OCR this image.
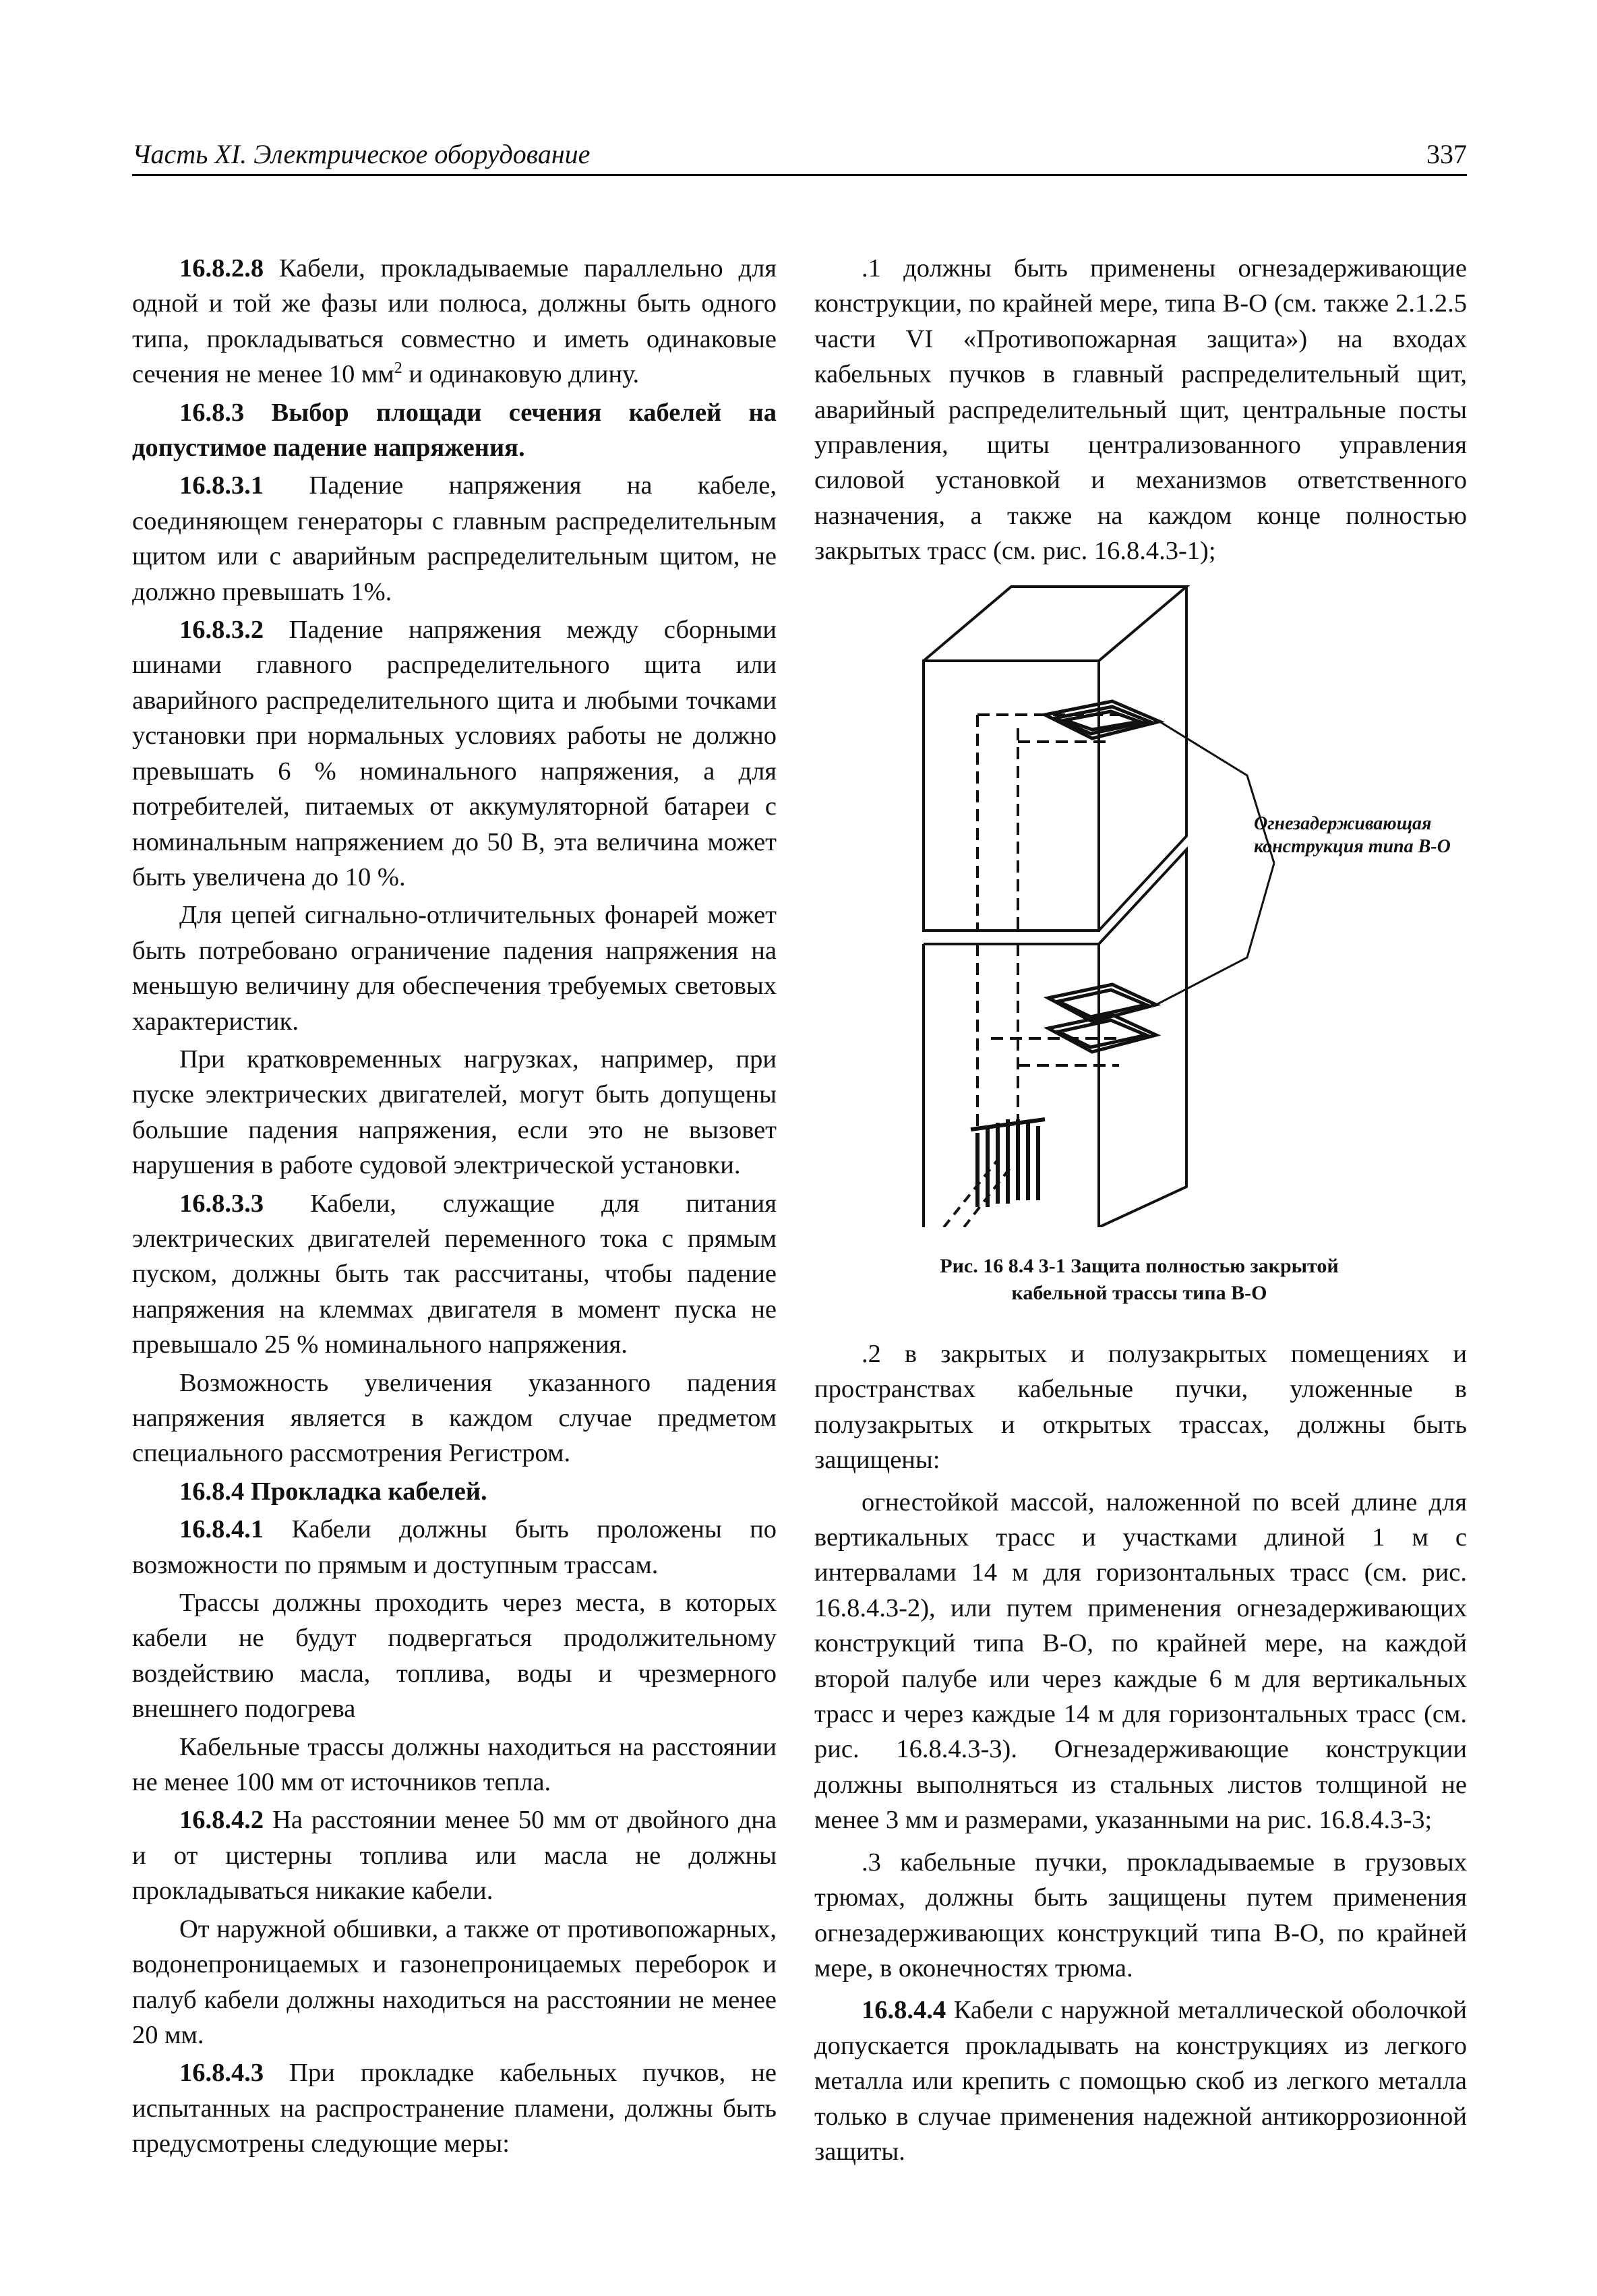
Часть XI. Электрическое оборудование	337

16.8.2.8 Кабели, прокладываемые параллельно для одной и той же фазы или полюса, должны быть одного типа, прокладываться совместно и иметь одинаковые сечения не менее 10 $мм^2$ и одинаковую длину.

16.8.3 Выбор площади сечения кабелей на допустимое падение напряжения.

16.8.3.1 Падение напряжения на кабеле, соединяющем генераторы с главным распределительным щитом или с аварийным распределительным щитом, не должно превышать 1%.

16.8.3.2 Падение напряжения между сборными шинами главного распределительного щита или аварийного распределительного щита и любыми точками установки при нормальных условиях работы не должно превышать 6 % номинального напряжения, а для потребителей, питаемых от аккумуляторной батареи с номинальным напряжением до 50 В, эта величина может быть увеличена до 10 %.

Для цепей сигнально-отличительных фонарей может быть потребовано ограничение падения напряжения на меньшую величину для обеспечения требуемых световых характеристик.

При кратковременных нагрузках, например, при пуске электрических двигателей, могут быть допущены большие падения напряжения, если это не вызовет нарушения в работе судовой электрической установки.

16.8.3.3 Кабели, служащие для питания электрических двигателей переменного тока с прямым пуском, должны быть так рассчитаны, чтобы падение напряжения на клеммах двигателя в момент пуска не превышало 25 % номинального напряжения.

Возможность увеличения указанного падения напряжения является в каждом случае предметом специального рассмотрения Регистром.

16.8.4 Прокладка кабелей.

16.8.4.1 Кабели должны быть проложены по возможности по прямым и доступным трассам.

Трассы должны проходить через места, в которых кабели не будут подвергаться продолжительному воздействию масла, топлива, воды и чрезмерного внешнего подогрева

Кабельные трассы должны находиться на расстоянии не менее 100 мм от источников тепла.

16.8.4.2 На расстоянии менее 50 мм от двойного дна и от цистерны топлива или масла не должны прокладываться никакие кабели.

От наружной обшивки, а также от противопожарных, водонепроницаемых и газонепроницаемых переборок и палуб кабели должны находиться на расстоянии не менее 20 мм.

16.8.4.3 При прокладке кабельных пучков, не испытанных на распространение пламени, должны быть предусмотрены следующие меры:

.1 должны быть применены огнезадерживающие конструкции, по крайней мере, типа В-О (см. также 2.1.2.5 части VI «Противопожарная защита») на входах кабельных пучков в главный распределительный щит, аварийный распределительный щит, центральные посты управления, щиты централизованного управления силовой установкой и механизмов ответственного назначения, а также на каждом конце полностью закрытых трасс (см. рис. 16.8.4.3-1);

Огнезадерживающая конструкция типа В-О
Рис. 16 8.4 3-1 Защита полностью закрытой кабельной трассы типа В-О

.2 в закрытых и полузакрытых помещениях и пространствах кабельные пучки, уложенные в полузакрытых и открытых трассах, должны быть защищены:

огнестойкой массой, наложенной по всей длине для вертикальных трасс и участками длиной 1 м с интервалами 14 м для горизонтальных трасс (см. рис. 16.8.4.3-2), или путем применения огнезадерживающих конструкций типа В-О, по крайней мере, на каждой второй палубе или через каждые 6 м для вертикальных трасс и через каждые 14 м для горизонтальных трасс (см. рис. 16.8.4.3-3). Огнезадерживающие конструкции должны выполняться из стальных листов толщиной не менее 3 мм и размерами, указанными на рис. 16.8.4.3-3;

.3 кабельные пучки, прокладываемые в грузовых трюмах, должны быть защищены путем применения огнезадерживающих конструкций типа В-О, по крайней мере, в оконечностях трюма.

16.8.4.4 Кабели с наружной металлической оболочкой допускается прокладывать на конструкциях из легкого металла или крепить с помощью скоб из легкого металла только в случае применения надежной антикоррозионной защиты.
